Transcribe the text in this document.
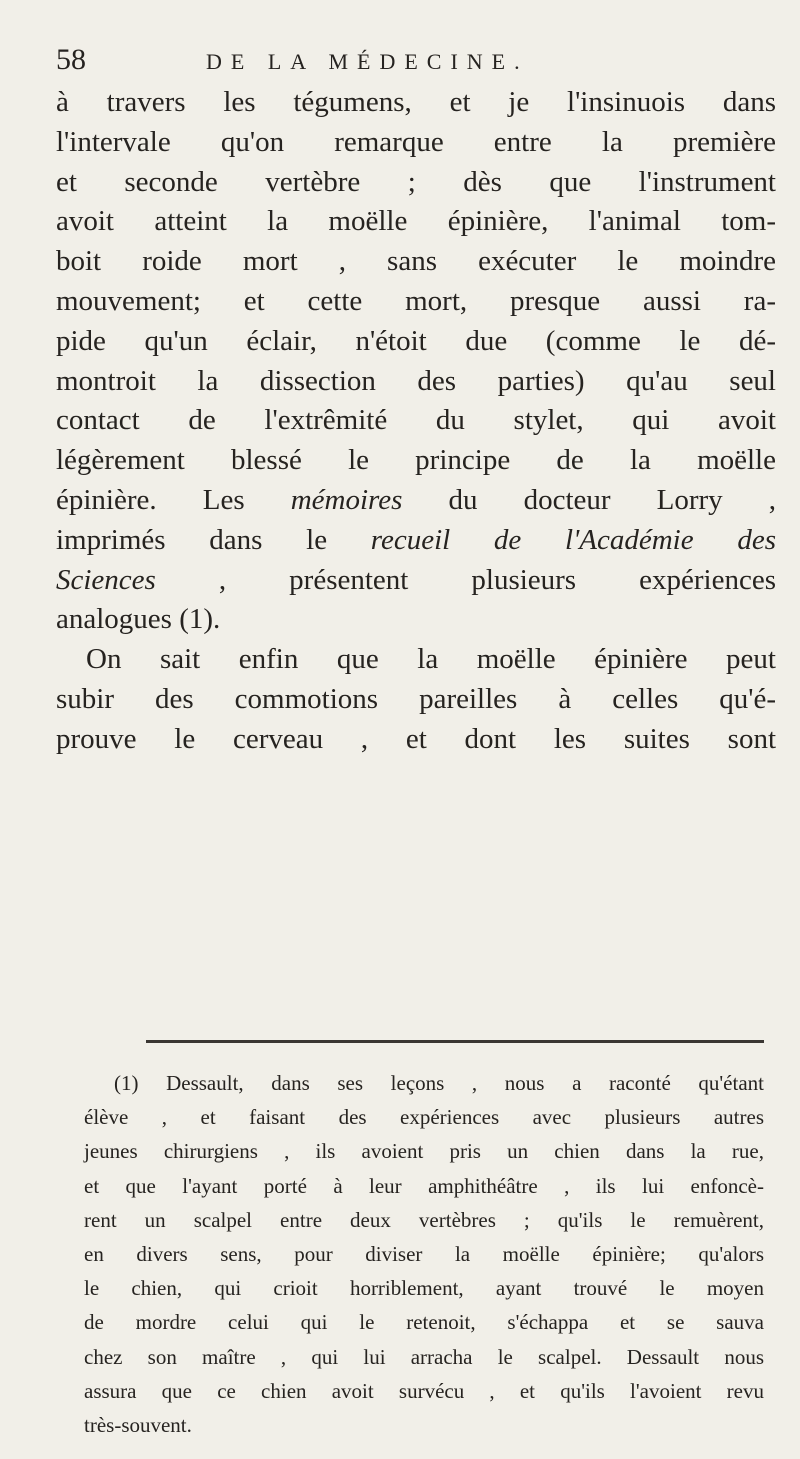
58	DE LA MÉDECINE.
à travers les tégumens, et je l'insinuois dans
l'intervale qu'on remarque entre la première
et seconde vertèbre ; dès que l'instrument
avoit atteint la moëlle épinière, l'animal tom-
boit roide mort , sans exécuter le moindre
mouvement; et cette mort, presque aussi ra-
pide qu'un éclair, n'étoit due (comme le dé-
montroit la dissection des parties) qu'au seul
contact de l'extrêmité du stylet, qui avoit
légèrement blessé le principe de la moëlle
épinière. Les mémoires du docteur Lorry ,
imprimés dans le recueil de l'Académie des
Sciences , présentent plusieurs expériences
analogues (1).
On sait enfin que la moëlle épinière peut
subir des commotions pareilles à celles qu'é-
prouve le cerveau , et dont les suites sont
(1) Dessault, dans ses leçons , nous a raconté qu'étant
élève , et faisant des expériences avec plusieurs autres
jeunes chirurgiens , ils avoient pris un chien dans la rue,
et que l'ayant porté à leur amphithéâtre , ils lui enfoncè-
rent un scalpel entre deux vertèbres ; qu'ils le remuèrent,
en divers sens, pour diviser la moëlle épinière; qu'alors
le chien, qui crioit horriblement, ayant trouvé le moyen
de mordre celui qui le retenoit, s'échappa et se sauva
chez son maître , qui lui arracha le scalpel. Dessault nous
assura que ce chien avoit survécu , et qu'ils l'avoient revu
très-souvent.
